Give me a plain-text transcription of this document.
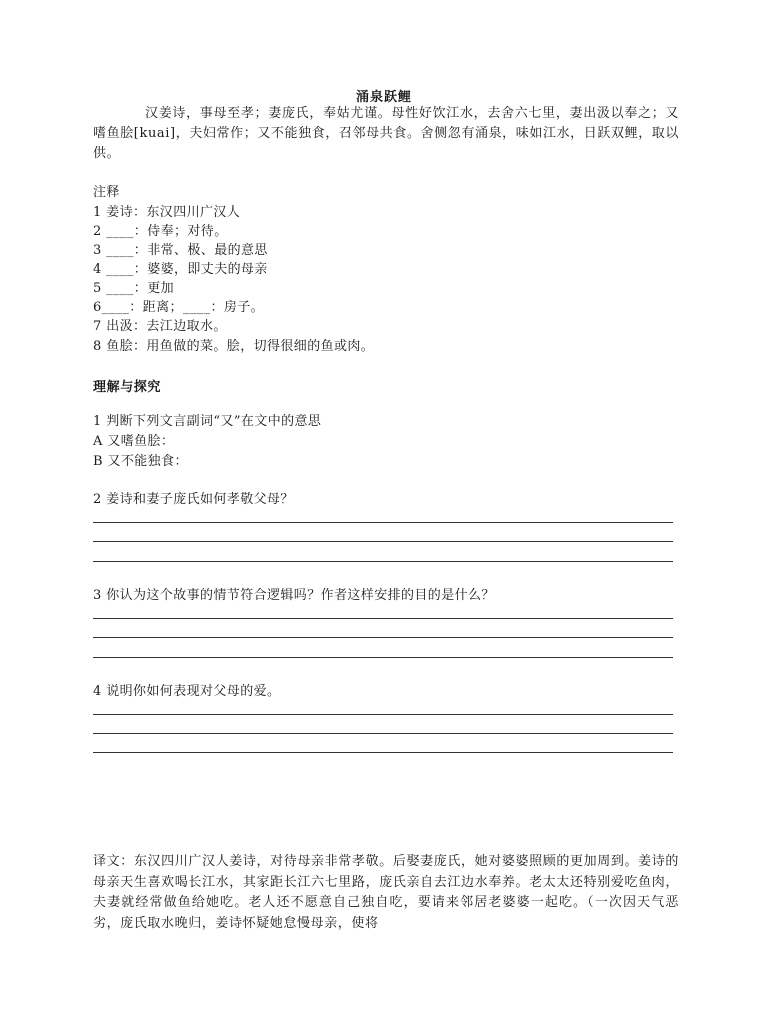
涌泉跃鲤

汉姜诗，事母至孝；妻庞氏，奉姑尤谨。母性好饮江水，去舍六七里，妻出汲以奉之；又嗜鱼脍[kuai]，夫妇常作；又不能独食，召邻母共食。舍侧忽有涌泉，味如江水，日跃双鲤，取以供。

注释
1 姜诗：东汉四川广汉人
2 ____：侍奉；对待。
3 ____：非常、极、最的意思
4 ____：婆婆，即丈夫的母亲
5 ____：更加
6____：距离；____：房子。
7 出汲：去江边取水。
8 鱼脍：用鱼做的菜。脍，切得很细的鱼或肉。
理解与探究
1 判断下列文言副词“又”在文中的意思
A 又嗜鱼脍：
B 又不能独食：
2 姜诗和妻子庞氏如何孝敬父母？
3 你认为这个故事的情节符合逻辑吗？作者这样安排的目的是什么？
4 说明你如何表现对父母的爱。

译文：东汉四川广汉人姜诗，对待母亲非常孝敬。后娶妻庞氏，她对婆婆照顾的更加周到。姜诗的母亲天生喜欢喝长江水，其家距长江六七里路，庞氏亲自去江边水奉养。老太太还特别爱吃鱼肉，夫妻就经常做鱼给她吃。老人还不愿意自己独自吃，要请来邻居老婆婆一起吃。（一次因天气恶劣，庞氏取水晚归，姜诗怀疑她怠慢母亲，使将
